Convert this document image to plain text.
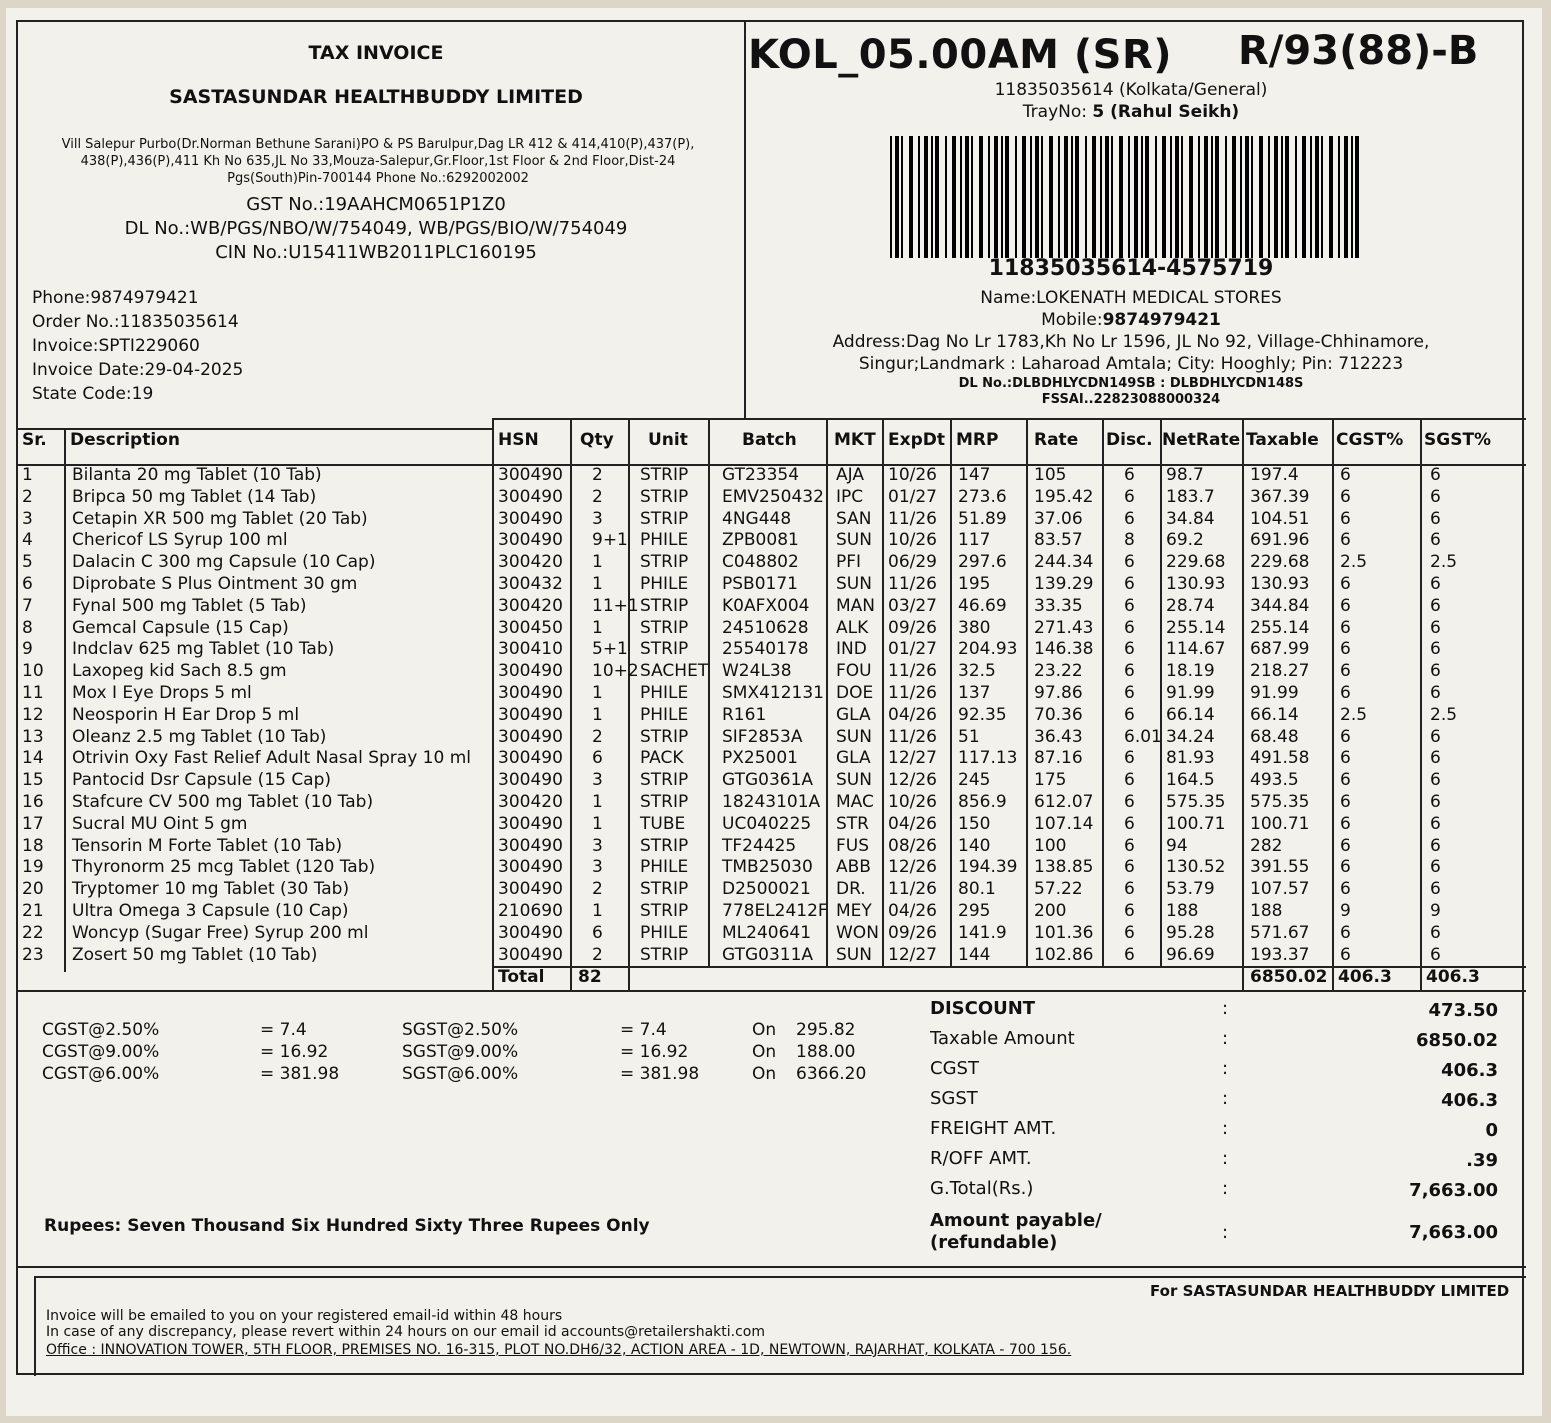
TAX INVOICE
SASTASUNDAR HEALTHBUDDY LIMITED
Vill Salepur Purbo(Dr.Norman Bethune Sarani)PO & PS Barulpur,Dag LR 412 & 414,410(P),437(P),
438(P),436(P),411 Kh No 635,JL No 33,Mouza-Salepur,Gr.Floor,1st Floor & 2nd Floor,Dist-24
Pgs(South)Pin-700144 Phone No.:6292002002
GST No.:19AAHCM0651P1Z0
DL No.:WB/PGS/NBO/W/754049, WB/PGS/BIO/W/754049
CIN No.:U15411WB2011PLC160195
Phone:9874979421
Order No.:11835035614
Invoice:SPTI229060
Invoice Date:29-04-2025
State Code:19
KOL_05.00AM (SR) R/93(88)-B
11835035614 (Kolkata/General)
TrayNo: 5 (Rahul Seikh)
11835035614-4575719
Name:LOKENATH MEDICAL STORES
Mobile:9874979421
Address:Dag No Lr 1783,Kh No Lr 1596, JL No 92, Village-Chhinamore,
Singur;Landmark : Laharoad Amtala; City: Hooghly; Pin: 712223
DL No.:DLBDHLYCDN149SB : DLBDHLYCDN148S
FSSAI..22823088000324
Sr. Description	HSN Qty Unit	Batch MKT ExpDt MRP Rate Disc. NetRate Taxable CGST% SGST%
1 Bilanta 20 mg Tablet (10 Tab)	300490 2 STRIP GT23354 AJA 10/26 147	105	6 98.7	197.4 6	6
2 Bripca 50 mg Tablet (14 Tab)	300490 2 STRIP EMV250432 IPC 01/27 273.6 195.42 6 183.7 367.39 6	6
3 Cetapin XR 500 mg Tablet (20 Tab)	300490 3 STRIP 4NG448	SAN 11/26 51.89 37.06 6 34.84 104.51 6	6
4 Chericof LS Syrup 100 ml	300490 9+1 PHILE ZPB0081 SUN 10/26 117	83.57 8 69.2	691.96 6	6
5 Dalacin C 300 mg Capsule (10 Cap)	300420 1 STRIP C048802 PFI 06/29 297.6 244.34 6 229.68 229.68 2.5	2.5
6 Diprobate S Plus Ointment 30 gm	300432 1 PHILE PSB0171 SUN 11/26 195	139.29 6 130.93 130.93 6	6
7 Fynal 500 mg Tablet (5 Tab)	300420 11+1 STRIP K0AFX004 MAN 03/27 46.69 33.35 6 28.74 344.84 6	6
8 Gemcal Capsule (15 Cap)	300450 1 STRIP 24510628 ALK 09/26 380	271.43 6 255.14 255.14 6	6
9 Indclav 625 mg Tablet (10 Tab)	300410 5+1 STRIP 25540178 IND 01/27 204.93 146.38 6 114.67 687.99 6	6
10 Laxopeg kid Sach 8.5 gm	300490 10+2 SACHET W24L38	FOU 11/26 32.5 23.22 6 18.19 218.27 6	6
11 Mox I Eye Drops 5 ml	300490 1 PHILE SMX412131 DOE 11/26 137	97.86 6 91.99 91.99 6	6
12 Neosporin H Ear Drop 5 ml	300490 1 PHILE R161	GLA 04/26 92.35 70.36 6 66.14 66.14 2.5	2.5
13 Oleanz 2.5 mg Tablet (10 Tab)	300490 2 STRIP SIF2853A SUN 11/26 51	36.43 6.01 34.24 68.48 6	6
14 Otrivin Oxy Fast Relief Adult Nasal Spray 10 ml 300490 6 PACK PX25001 GLA 12/27 117.13 87.16 6 81.93 491.58 6	6
15 Pantocid Dsr Capsule (15 Cap)	300490 3 STRIP GTG0361A SUN 12/26 245	175	6 164.5 493.5 6	6
16 Stafcure CV 500 mg Tablet (10 Tab)	300420 1 STRIP 18243101A MAC 10/26 856.9 612.07 6 575.35 575.35 6	6
17 Sucral MU Oint 5 gm	300490 1 TUBE UC040225 STR 04/26 150	107.14 6 100.71 100.71 6	6
18 Tensorin M Forte Tablet (10 Tab)	300490 3 STRIP TF24425 FUS 08/26 140	100	6 94	282	6	6
19 Thyronorm 25 mcg Tablet (120 Tab)	300490 3 PHILE TMB25030 ABB 12/26 194.39 138.85 6 130.52 391.55 6	6
20 Tryptomer 10 mg Tablet (30 Tab)	300490 2 STRIP D2500021 DR. 11/26 80.1 57.22 6 53.79 107.57 6	6
21 Ultra Omega 3 Capsule (10 Cap)	210690 1 STRIP 778EL2412F MEY 04/26 295	200	6 188	188	9	9
22 Woncyp (Sugar Free) Syrup 200 ml	300490 6 PHILE ML240641 WON 09/26 141.9 101.36 6 95.28 571.67 6	6
23 Zosert 50 mg Tablet (10 Tab)	300490 2 STRIP GTG0311A SUN 12/27 144	102.86 6 96.69 193.37 6	6
Total 82	6850.02 406.3 406.3
CGST@2.50%	= 7.4	SGST@2.50%	= 7.4	On 295.82
CGST@9.00%	= 16.92	SGST@9.00%	= 16.92	On 188.00
CGST@6.00%	= 381.98	SGST@6.00%	= 381.98	On 6366.20
DISCOUNT	:	473.50
Taxable Amount	:	6850.02
CGST	:	406.3
SGST	:	406.3
FREIGHT AMT.	:	0
R/OFF AMT.	:	.39
G.Total(Rs.)	:	7,663.00
Amount payable/
(refundable)	:	7,663.00
Rupees: Seven Thousand Six Hundred Sixty Three Rupees Only
For SASTASUNDAR HEALTHBUDDY LIMITED
Invoice will be emailed to you on your registered email-id within 48 hours
In case of any discrepancy, please revert within 24 hours on our email id accounts@retailershakti.com
Office : INNOVATION TOWER, 5TH FLOOR, PREMISES NO. 16-315, PLOT NO.DH6/32, ACTION AREA - 1D, NEWTOWN, RAJARHAT, KOLKATA - 700 156.
